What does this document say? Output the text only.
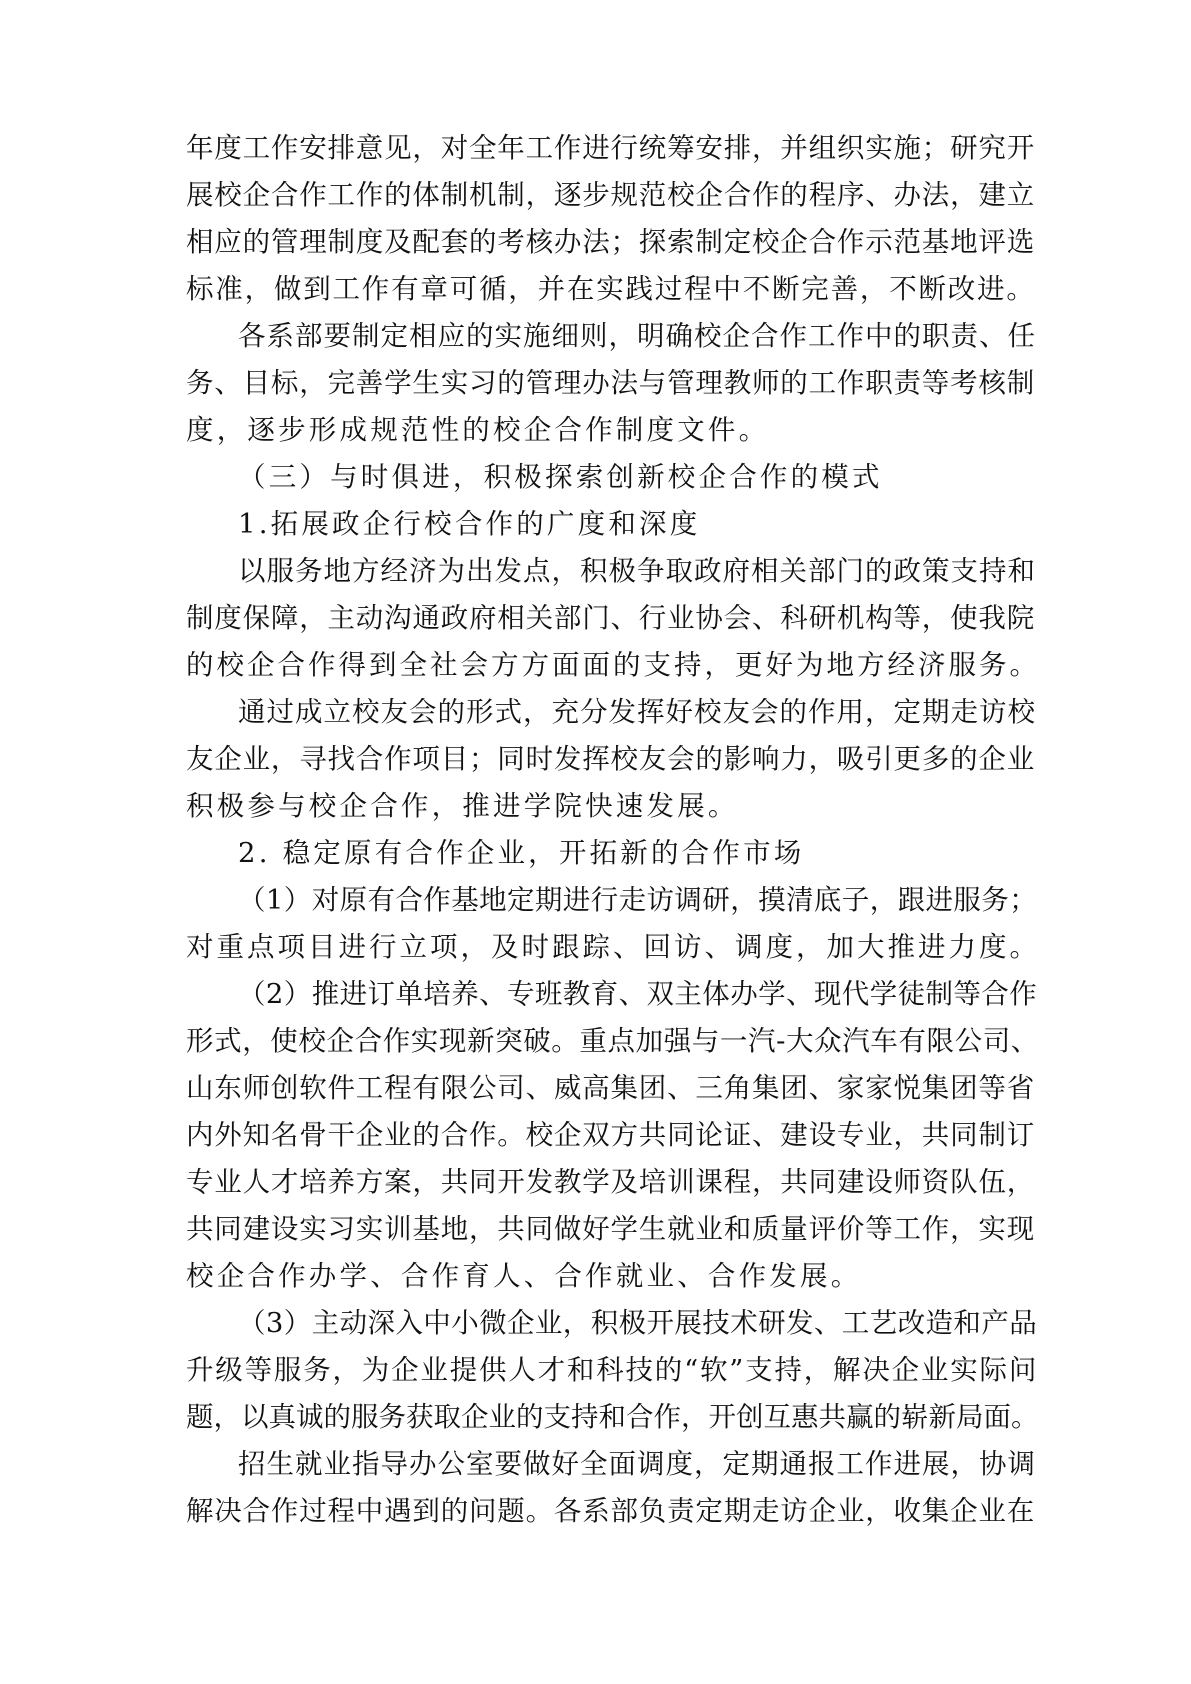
年度工作安排意见，对全年工作进行统筹安排，并组织实施；研究开
展校企合作工作的体制机制，逐步规范校企合作的程序、办法，建立
相应的管理制度及配套的考核办法；探索制定校企合作示范基地评选
标准，做到工作有章可循，并在实践过程中不断完善，不断改进。
各系部要制定相应的实施细则，明确校企合作工作中的职责、任
务、目标，完善学生实习的管理办法与管理教师的工作职责等考核制
度，逐步形成规范性的校企合作制度文件。
（三）与时俱进，积极探索创新校企合作的模式
1.拓展政企行校合作的广度和深度
以服务地方经济为出发点，积极争取政府相关部门的政策支持和
制度保障，主动沟通政府相关部门、行业协会、科研机构等，使我院
的校企合作得到全社会方方面面的支持，更好为地方经济服务。
通过成立校友会的形式，充分发挥好校友会的作用，定期走访校
友企业，寻找合作项目；同时发挥校友会的影响力，吸引更多的企业
积极参与校企合作，推进学院快速发展。
2. 稳定原有合作企业，开拓新的合作市场
（1）对原有合作基地定期进行走访调研，摸清底子，跟进服务；
对重点项目进行立项，及时跟踪、回访、调度，加大推进力度。
（2）推进订单培养、专班教育、双主体办学、现代学徒制等合作
形式，使校企合作实现新突破。重点加强与一汽-大众汽车有限公司、
山东师创软件工程有限公司、威高集团、三角集团、家家悦集团等省
内外知名骨干企业的合作。校企双方共同论证、建设专业，共同制订
专业人才培养方案，共同开发教学及培训课程，共同建设师资队伍，
共同建设实习实训基地，共同做好学生就业和质量评价等工作，实现
校企合作办学、合作育人、合作就业、合作发展。
（3）主动深入中小微企业，积极开展技术研发、工艺改造和产品
升级等服务，为企业提供人才和科技的“软”支持，解决企业实际问
题，以真诚的服务获取企业的支持和合作，开创互惠共赢的崭新局面。
招生就业指导办公室要做好全面调度，定期通报工作进展，协调
解决合作过程中遇到的问题。各系部负责定期走访企业，收集企业在
